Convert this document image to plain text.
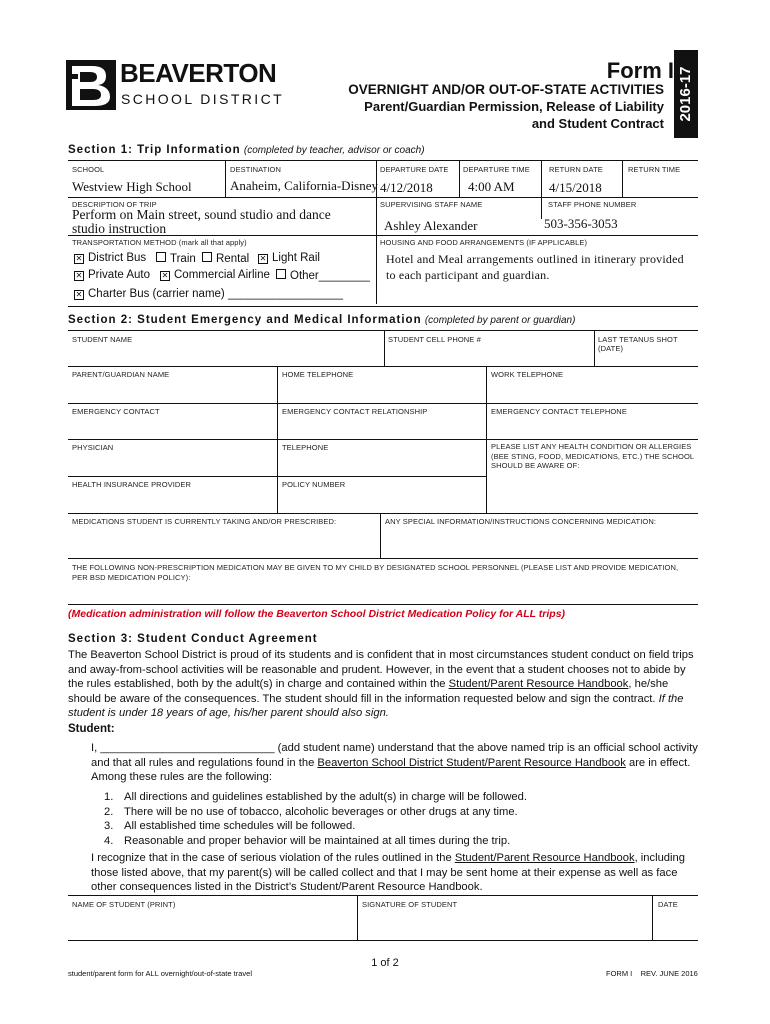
BEAVERTON
SCHOOL DISTRICT
Form I
OVERNIGHT AND/OR OUT-OF-STATE ACTIVITIES
Parent/Guardian Permission, Release of Liability
and Student Contract
2016-17
Section 1: Trip Information (completed by teacher, advisor or coach)
SCHOOL
Westview High School
DESTINATION
Anaheim, California-Disney
DEPARTURE DATE
4/12/2018
DEPARTURE TIME
4:00 AM
RETURN DATE
4/15/2018
RETURN TIME
DESCRIPTION OF TRIP
Perform on Main street, sound studio and dance
studio instruction
SUPERVISING STAFF NAME
Ashley Alexander
STAFF PHONE NUMBER
503-356-3053
TRANSPORTATION METHOD (mark all that apply)	HOUSING AND FOOD ARRANGEMENTS (IF APPLICABLE)
Hotel and Meal arrangements outlined in itinerary provided
to each participant and guardian.
✕ District Bus	Train	Rental ✕ Light Rail
✕ Private Auto ✕ Commercial Airline	Other________
✕ Charter Bus (carrier name) __________________
Section 2: Student Emergency and Medical Information (completed by parent or guardian)
STUDENT NAME	STUDENT CELL PHONE #	LAST TETANUS SHOT (DATE)
PARENT/GUARDIAN NAME	HOME TELEPHONE	WORK TELEPHONE
EMERGENCY CONTACT	EMERGENCY CONTACT RELATIONSHIP	EMERGENCY CONTACT TELEPHONE
PHYSICIAN	TELEPHONE	PLEASE LIST ANY HEALTH CONDITION OR ALLERGIES (BEE STING, FOOD, MEDICATIONS, ETC.) THE SCHOOL SHOULD BE AWARE OF:
HEALTH INSURANCE PROVIDER	POLICY NUMBER
MEDICATIONS STUDENT IS CURRENTLY TAKING AND/OR PRESCRIBED:	ANY SPECIAL INFORMATION/INSTRUCTIONS CONCERNING MEDICATION:
THE FOLLOWING NON-PRESCRIPTION MEDICATION MAY BE GIVEN TO MY CHILD BY DESIGNATED SCHOOL PERSONNEL (PLEASE LIST AND PROVIDE MEDICATION, PER BSD MEDICATION POLICY):
(Medication administration will follow the Beaverton School District Medication Policy for ALL trips)
Section 3: Student Conduct Agreement
The Beaverton School District is proud of its students and is confident that in most circumstances student conduct on field trips and away-from-school activities will be reasonable and prudent. However, in the event that a student chooses not to abide by the rules established, both by the adult(s) in charge and contained within the Student/Parent Resource Handbook, he/she should be aware of the consequences. The student should fill in the information requested below and sign the contract. If the student is under 18 years of age, his/her parent should also sign.
Student:
I, ____________________________ (add student name) understand that the above named trip is an official school activity and that all rules and regulations found in the Beaverton School District Student/Parent Resource Handbook are in effect. Among these rules are the following:
1. All directions and guidelines established by the adult(s) in charge will be followed.
2. There will be no use of tobacco, alcoholic beverages or other drugs at any time.
3. All established time schedules will be followed.
4. Reasonable and proper behavior will be maintained at all times during the trip.
I recognize that in the case of serious violation of the rules outlined in the Student/Parent Resource Handbook, including those listed above, that my parent(s) will be called collect and that I may be sent home at their expense as well as face other consequences listed in the District’s Student/Parent Resource Handbook.
NAME OF STUDENT (PRINT)	SIGNATURE OF STUDENT	DATE
1 of 2
student/parent form for ALL overnight/out-of-state travel	FORM I    REV. JUNE 2016
